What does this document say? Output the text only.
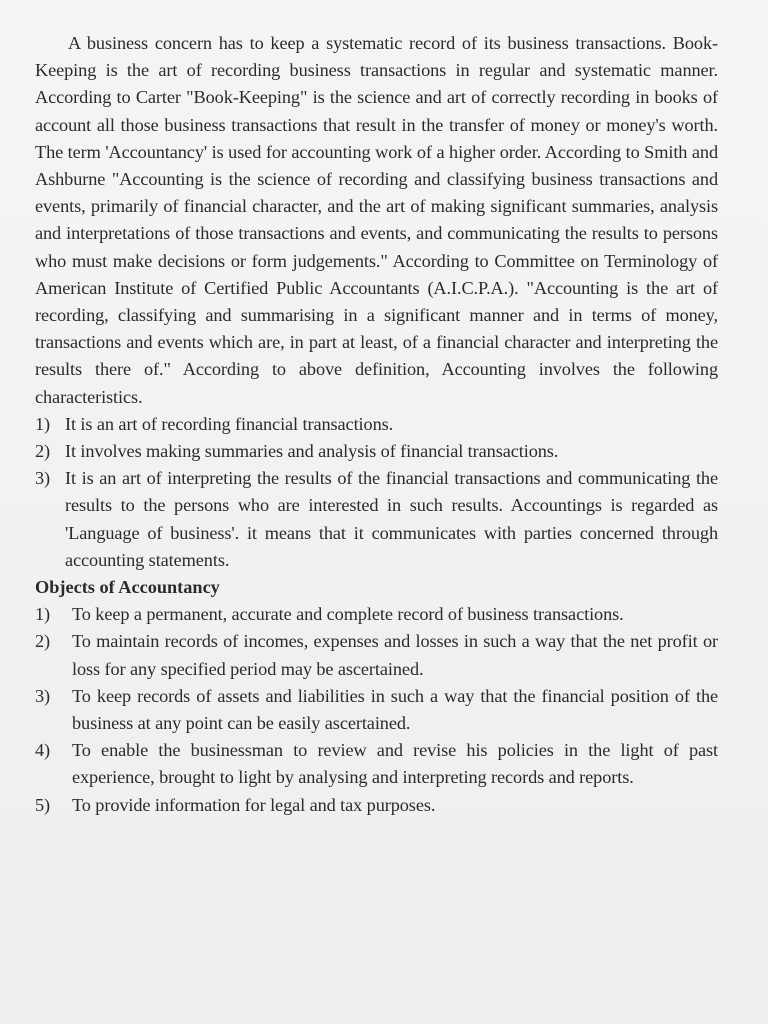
A business concern has to keep a systematic record of its business transactions. Book-Keeping is the art of recording business transactions in regular and systematic manner. According to Carter "Book-Keeping" is the science and art of correctly recording in books of account all those business transactions that result in the transfer of money or money's worth. The term 'Accountancy' is used for accounting work of a higher order. According to Smith and Ashburne "Accounting is the science of recording and classifying business transactions and events, primarily of financial character, and the art of making significant summaries, analysis and interpretations of those transactions and events, and communicating the results to persons who must make decisions or form judgements." According to Committee on Terminology of American Institute of Certified Public Accountants (A.I.C.P.A.). "Accounting is the art of recording, classifying and summarising in a significant manner and in terms of money, transactions and events which are, in part at least, of a financial character and interpreting the results there of." According to above definition, Accounting involves the following characteristics.

1) It is an art of recording financial transactions.
2) It involves making summaries and analysis of financial transactions.
3) It is an art of interpreting the results of the financial transactions and communicating the results to the persons who are interested in such results. Accountings is regarded as 'Language of business'. it means that it communicates with parties concerned through accounting statements.
Objects of Accountancy
1) To keep a permanent, accurate and complete record of business transactions.
2) To maintain records of incomes, expenses and losses in such a way that the net profit or loss for any specified period may be ascertained.
3) To keep records of assets and liabilities in such a way that the financial position of the business at any point can be easily ascertained.
4) To enable the businessman to review and revise his policies in the light of past experience, brought to light by analysing and interpreting records and reports.
5) To provide information for legal and tax purposes.
